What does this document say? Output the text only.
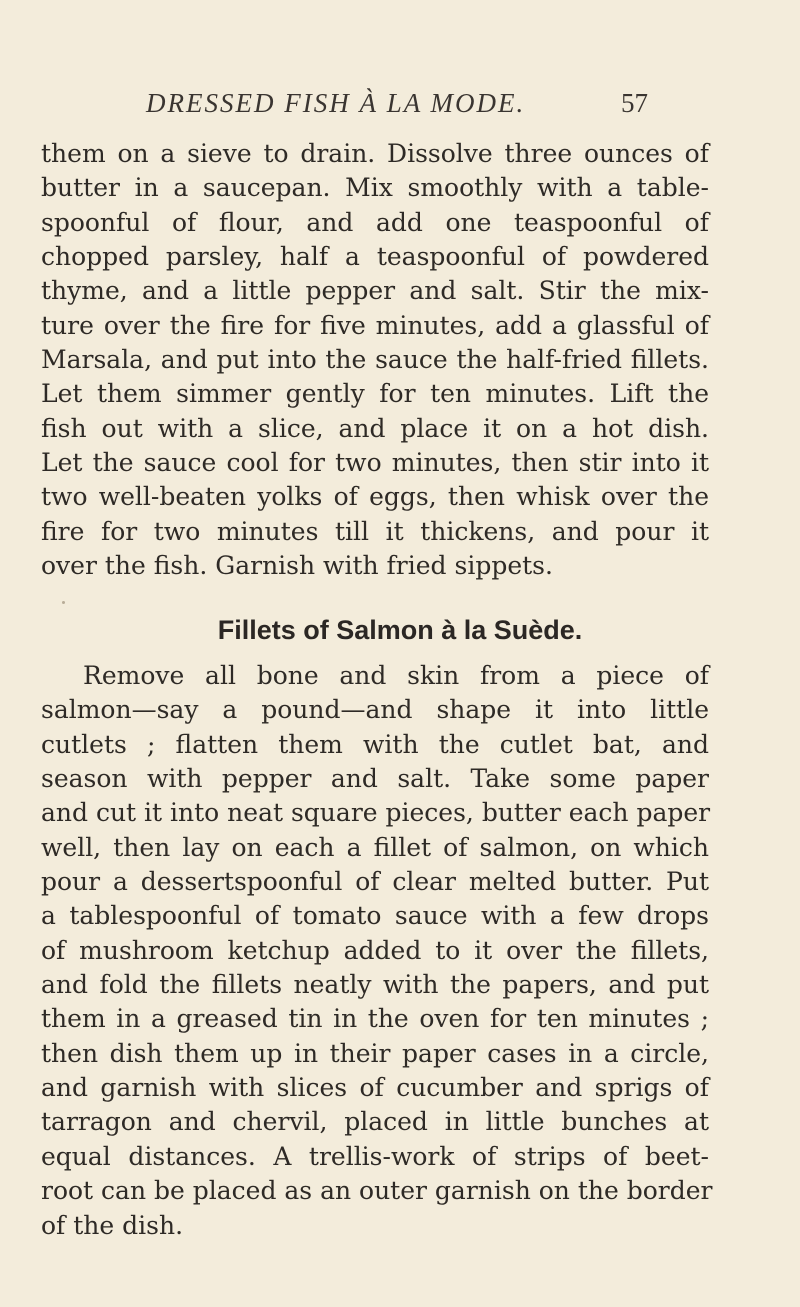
DRESSED FISH À LA MODE.	57
them on a sieve to drain. Dissolve three ounces of
butter in a saucepan. Mix smoothly with a table-
spoonful of flour, and add one teaspoonful of
chopped parsley, half a teaspoonful of powdered
thyme, and a little pepper and salt. Stir the mix-
ture over the fire for five minutes, add a glassful of
Marsala, and put into the sauce the half-fried fillets.
Let them simmer gently for ten minutes. Lift the
fish out with a slice, and place it on a hot dish.
Let the sauce cool for two minutes, then stir into it
two well-beaten yolks of eggs, then whisk over the
fire for two minutes till it thickens, and pour it
over the fish. Garnish with fried sippets.
Fillets of Salmon à la Suède.
Remove all bone and skin from a piece of
salmon—say a pound—and shape it into little
cutlets ; flatten them with the cutlet bat, and
season with pepper and salt. Take some paper
and cut it into neat square pieces, butter each paper
well, then lay on each a fillet of salmon, on which
pour a dessertspoonful of clear melted butter. Put
a tablespoonful of tomato sauce with a few drops
of mushroom ketchup added to it over the fillets,
and fold the fillets neatly with the papers, and put
them in a greased tin in the oven for ten minutes ;
then dish them up in their paper cases in a circle,
and garnish with slices of cucumber and sprigs of
tarragon and chervil, placed in little bunches at
equal distances. A trellis-work of strips of beet-
root can be placed as an outer garnish on the border
of the dish.
